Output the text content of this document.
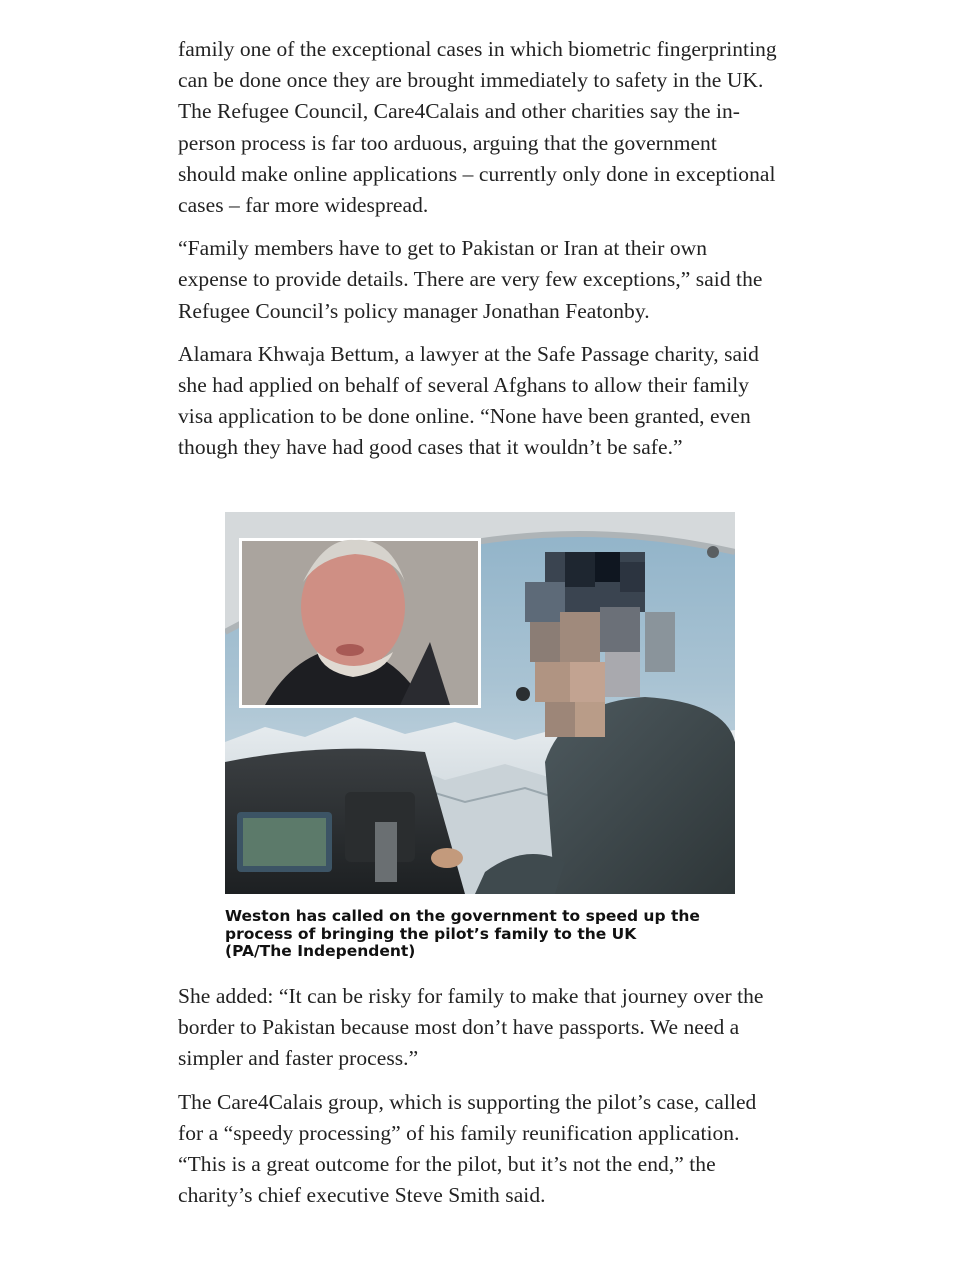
family one of the exceptional cases in which biometric fingerprinting can be done once they are brought immediately to safety in the UK. The Refugee Council, Care4Calais and other charities say the in-person process is far too arduous, arguing that the government should make online applications – currently only done in exceptional cases – far more widespread.

“Family members have to get to Pakistan or Iran at their own expense to provide details. There are very few exceptions,” said the Refugee Council’s policy manager Jonathan Featonby.

Alamara Khwaja Bettum, a lawyer at the Safe Passage charity, said she had applied on behalf of several Afghans to allow their family visa application to be done online. “None have been granted, even though they have had good cases that it wouldn’t be safe.”

Weston has called on the government to speed up the process of bringing the pilot’s family to the UK (PA/The Independent)

She added: “It can be risky for family to make that journey over the border to Pakistan because most don’t have passports. We need a simpler and faster process.”

The Care4Calais group, which is supporting the pilot’s case, called for a “speedy processing” of his family reunification application. “This is a great outcome for the pilot, but it’s not the end,” the charity’s chief executive Steve Smith said.
